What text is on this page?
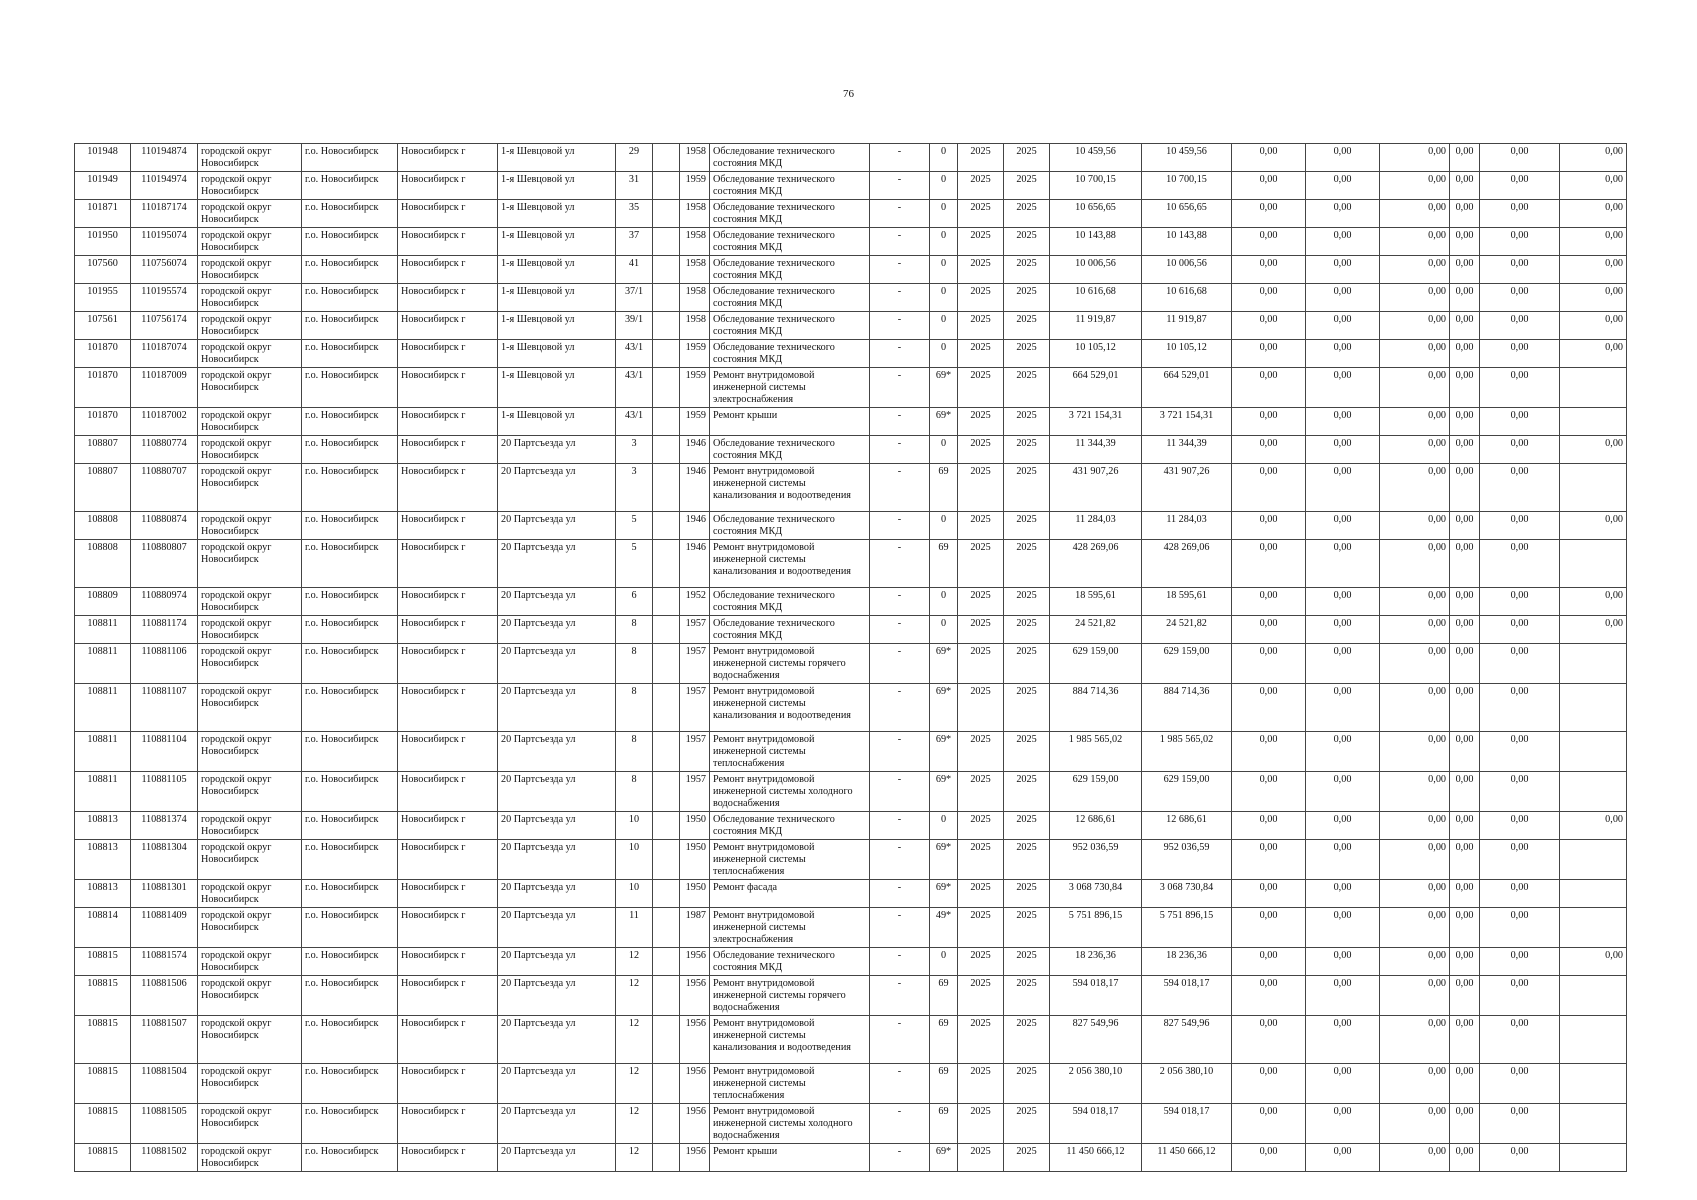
76
101948	110194874	городской округ Новосибирск	г.о. Новосибирск	Новосибирск г	1-я Шевцовой ул	29		1958	Обследование технического состояния МКД	-	0	2025	2025	10 459,56	10 459,56	0,00	0,00	0,00	0,00	0,00	0,00
101949	110194974	городской округ Новосибирск	г.о. Новосибирск	Новосибирск г	1-я Шевцовой ул	31		1959	Обследование технического состояния МКД	-	0	2025	2025	10 700,15	10 700,15	0,00	0,00	0,00	0,00	0,00	0,00
101871	110187174	городской округ Новосибирск	г.о. Новосибирск	Новосибирск г	1-я Шевцовой ул	35		1958	Обследование технического состояния МКД	-	0	2025	2025	10 656,65	10 656,65	0,00	0,00	0,00	0,00	0,00	0,00
101950	110195074	городской округ Новосибирск	г.о. Новосибирск	Новосибирск г	1-я Шевцовой ул	37		1958	Обследование технического состояния МКД	-	0	2025	2025	10 143,88	10 143,88	0,00	0,00	0,00	0,00	0,00	0,00
107560	110756074	городской округ Новосибирск	г.о. Новосибирск	Новосибирск г	1-я Шевцовой ул	41		1958	Обследование технического состояния МКД	-	0	2025	2025	10 006,56	10 006,56	0,00	0,00	0,00	0,00	0,00	0,00
101955	110195574	городской округ Новосибирск	г.о. Новосибирск	Новосибирск г	1-я Шевцовой ул	37/1		1958	Обследование технического состояния МКД	-	0	2025	2025	10 616,68	10 616,68	0,00	0,00	0,00	0,00	0,00	0,00
107561	110756174	городской округ Новосибирск	г.о. Новосибирск	Новосибирск г	1-я Шевцовой ул	39/1		1958	Обследование технического состояния МКД	-	0	2025	2025	11 919,87	11 919,87	0,00	0,00	0,00	0,00	0,00	0,00
101870	110187074	городской округ Новосибирск	г.о. Новосибирск	Новосибирск г	1-я Шевцовой ул	43/1		1959	Обследование технического состояния МКД	-	0	2025	2025	10 105,12	10 105,12	0,00	0,00	0,00	0,00	0,00	0,00
101870	110187009	городской округ Новосибирск	г.о. Новосибирск	Новосибирск г	1-я Шевцовой ул	43/1		1959	Ремонт внутридомовой инженерной системы электроснабжения	-	69*	2025	2025	664 529,01	664 529,01	0,00	0,00	0,00	0,00	0,00	
101870	110187002	городской округ Новосибирск	г.о. Новосибирск	Новосибирск г	1-я Шевцовой ул	43/1		1959	Ремонт крыши	-	69*	2025	2025	3 721 154,31	3 721 154,31	0,00	0,00	0,00	0,00	0,00	
108807	110880774	городской округ Новосибирск	г.о. Новосибирск	Новосибирск г	20 Партсъезда ул	3		1946	Обследование технического состояния МКД	-	0	2025	2025	11 344,39	11 344,39	0,00	0,00	0,00	0,00	0,00	0,00
108807	110880707	городской округ Новосибирск	г.о. Новосибирск	Новосибирск г	20 Партсъезда ул	3		1946	Ремонт внутридомовой инженерной системы канализования и водоотведения	-	69	2025	2025	431 907,26	431 907,26	0,00	0,00	0,00	0,00	0,00	
108808	110880874	городской округ Новосибирск	г.о. Новосибирск	Новосибирск г	20 Партсъезда ул	5		1946	Обследование технического состояния МКД	-	0	2025	2025	11 284,03	11 284,03	0,00	0,00	0,00	0,00	0,00	0,00
108808	110880807	городской округ Новосибирск	г.о. Новосибирск	Новосибирск г	20 Партсъезда ул	5		1946	Ремонт внутридомовой инженерной системы канализования и водоотведения	-	69	2025	2025	428 269,06	428 269,06	0,00	0,00	0,00	0,00	0,00	
108809	110880974	городской округ Новосибирск	г.о. Новосибирск	Новосибирск г	20 Партсъезда ул	6		1952	Обследование технического состояния МКД	-	0	2025	2025	18 595,61	18 595,61	0,00	0,00	0,00	0,00	0,00	0,00
108811	110881174	городской округ Новосибирск	г.о. Новосибирск	Новосибирск г	20 Партсъезда ул	8		1957	Обследование технического состояния МКД	-	0	2025	2025	24 521,82	24 521,82	0,00	0,00	0,00	0,00	0,00	0,00
108811	110881106	городской округ Новосибирск	г.о. Новосибирск	Новосибирск г	20 Партсъезда ул	8		1957	Ремонт внутридомовой инженерной системы горячего водоснабжения	-	69*	2025	2025	629 159,00	629 159,00	0,00	0,00	0,00	0,00	0,00	
108811	110881107	городской округ Новосибирск	г.о. Новосибирск	Новосибирск г	20 Партсъезда ул	8		1957	Ремонт внутридомовой инженерной системы канализования и водоотведения	-	69*	2025	2025	884 714,36	884 714,36	0,00	0,00	0,00	0,00	0,00	
108811	110881104	городской округ Новосибирск	г.о. Новосибирск	Новосибирск г	20 Партсъезда ул	8		1957	Ремонт внутридомовой инженерной системы теплоснабжения	-	69*	2025	2025	1 985 565,02	1 985 565,02	0,00	0,00	0,00	0,00	0,00	
108811	110881105	городской округ Новосибирск	г.о. Новосибирск	Новосибирск г	20 Партсъезда ул	8		1957	Ремонт внутридомовой инженерной системы холодного водоснабжения	-	69*	2025	2025	629 159,00	629 159,00	0,00	0,00	0,00	0,00	0,00	
108813	110881374	городской округ Новосибирск	г.о. Новосибирск	Новосибирск г	20 Партсъезда ул	10		1950	Обследование технического состояния МКД	-	0	2025	2025	12 686,61	12 686,61	0,00	0,00	0,00	0,00	0,00	0,00
108813	110881304	городской округ Новосибирск	г.о. Новосибирск	Новосибирск г	20 Партсъезда ул	10		1950	Ремонт внутридомовой инженерной системы теплоснабжения	-	69*	2025	2025	952 036,59	952 036,59	0,00	0,00	0,00	0,00	0,00	
108813	110881301	городской округ Новосибирск	г.о. Новосибирск	Новосибирск г	20 Партсъезда ул	10		1950	Ремонт фасада	-	69*	2025	2025	3 068 730,84	3 068 730,84	0,00	0,00	0,00	0,00	0,00	
108814	110881409	городской округ Новосибирск	г.о. Новосибирск	Новосибирск г	20 Партсъезда ул	11		1987	Ремонт внутридомовой инженерной системы электроснабжения	-	49*	2025	2025	5 751 896,15	5 751 896,15	0,00	0,00	0,00	0,00	0,00	
108815	110881574	городской округ Новосибирск	г.о. Новосибирск	Новосибирск г	20 Партсъезда ул	12		1956	Обследование технического состояния МКД	-	0	2025	2025	18 236,36	18 236,36	0,00	0,00	0,00	0,00	0,00	0,00
108815	110881506	городской округ Новосибирск	г.о. Новосибирск	Новосибирск г	20 Партсъезда ул	12		1956	Ремонт внутридомовой инженерной системы горячего водоснабжения	-	69	2025	2025	594 018,17	594 018,17	0,00	0,00	0,00	0,00	0,00	
108815	110881507	городской округ Новосибирск	г.о. Новосибирск	Новосибирск г	20 Партсъезда ул	12		1956	Ремонт внутридомовой инженерной системы канализования и водоотведения	-	69	2025	2025	827 549,96	827 549,96	0,00	0,00	0,00	0,00	0,00	
108815	110881504	городской округ Новосибирск	г.о. Новосибирск	Новосибирск г	20 Партсъезда ул	12		1956	Ремонт внутридомовой инженерной системы теплоснабжения	-	69	2025	2025	2 056 380,10	2 056 380,10	0,00	0,00	0,00	0,00	0,00	
108815	110881505	городской округ Новосибирск	г.о. Новосибирск	Новосибирск г	20 Партсъезда ул	12		1956	Ремонт внутридомовой инженерной системы холодного водоснабжения	-	69	2025	2025	594 018,17	594 018,17	0,00	0,00	0,00	0,00	0,00	
108815	110881502	городской округ Новосибирск	г.о. Новосибирск	Новосибирск г	20 Партсъезда ул	12		1956	Ремонт крыши	-	69*	2025	2025	11 450 666,12	11 450 666,12	0,00	0,00	0,00	0,00	0,00	
